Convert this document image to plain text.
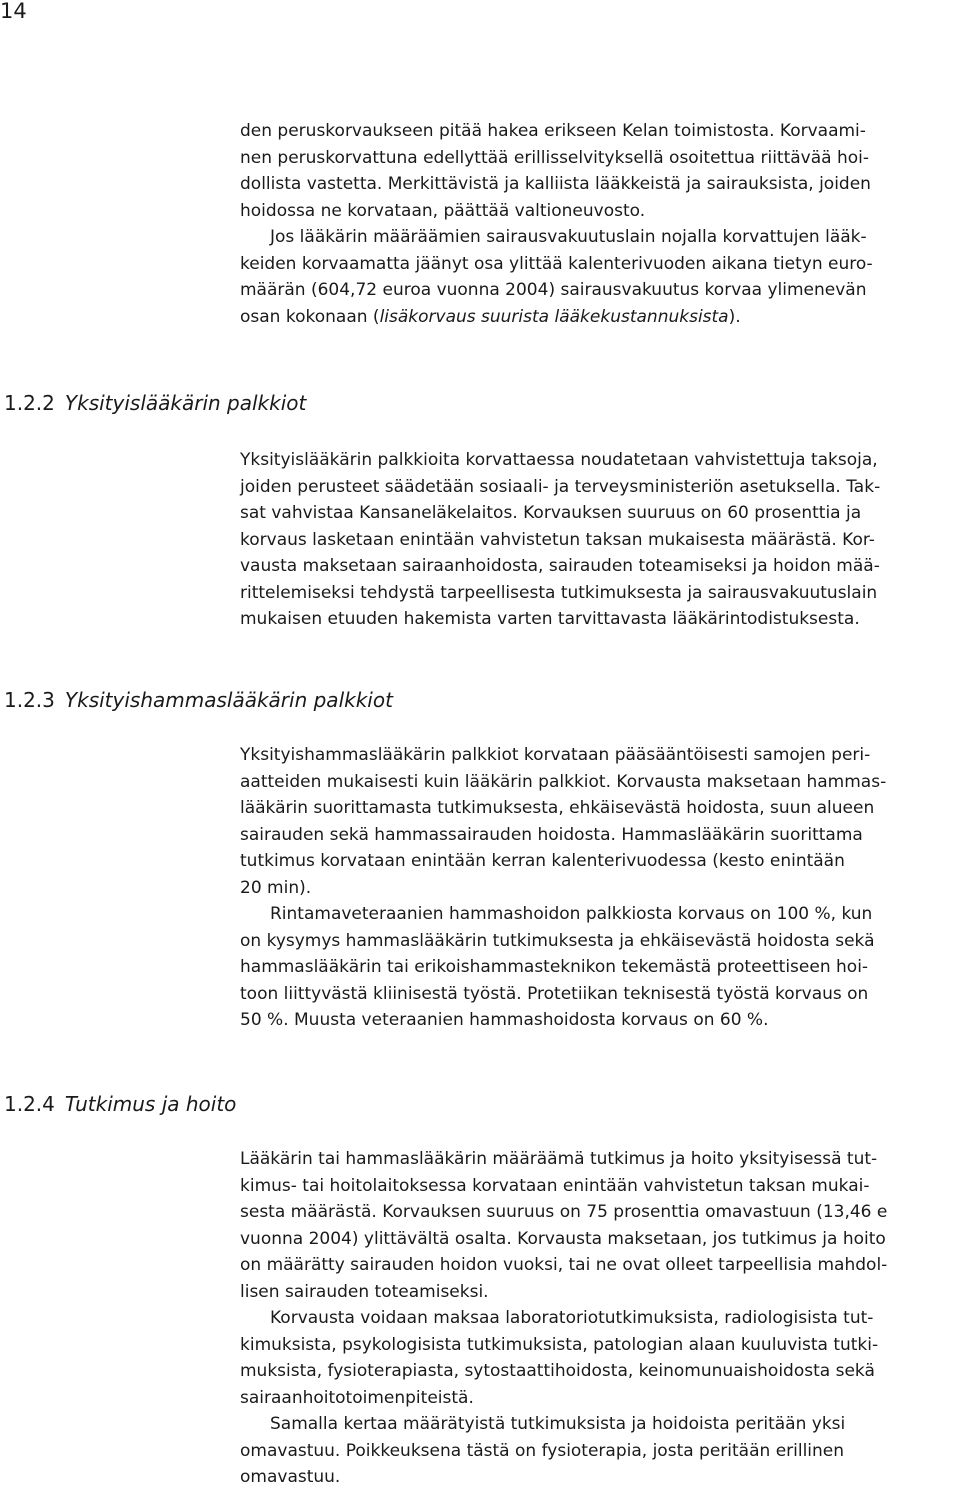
14
den peruskorvaukseen pitää hakea erikseen Kelan toimistosta. Korvaami-
nen peruskorvattuna edellyttää erillisselvityksellä osoitettua riittävää hoi-
dollista vastetta. Merkittävistä ja kalliista lääkkeistä ja sairauksista, joiden
hoidossa ne korvataan, päättää valtioneuvosto.
Jos lääkärin määräämien sairausvakuutuslain nojalla korvattujen lääk-
keiden korvaamatta jäänyt osa ylittää kalenterivuoden aikana tietyn euro-
määrän (604,72 euroa vuonna 2004) sairausvakuutus korvaa ylimenevän
osan kokonaan (lisäkorvaus suurista lääkekustannuksista).
1.2.2 Yksityislääkärin palkkiot
Yksityislääkärin palkkioita korvattaessa noudatetaan vahvistettuja taksoja,
joiden perusteet säädetään sosiaali- ja terveysministeriön asetuksella. Tak-
sat vahvistaa Kansaneläkelaitos. Korvauksen suuruus on 60 prosenttia ja
korvaus lasketaan enintään vahvistetun taksan mukaisesta määrästä. Kor-
vausta maksetaan sairaanhoidosta, sairauden toteamiseksi ja hoidon mää-
rittelemiseksi tehdystä tarpeellisesta tutkimuksesta ja sairausvakuutuslain
mukaisen etuuden hakemista varten tarvittavasta lääkärintodistuksesta.
1.2.3 Yksityishammaslääkärin palkkiot
Yksityishammaslääkärin palkkiot korvataan pääsääntöisesti samojen peri-
aatteiden mukaisesti kuin lääkärin palkkiot. Korvausta maksetaan hammas-
lääkärin suorittamasta tutkimuksesta, ehkäisevästä hoidosta, suun alueen
sairauden sekä hammassairauden hoidosta. Hammaslääkärin suorittama
tutkimus korvataan enintään kerran kalenterivuodessa (kesto enintään
20 min).
Rintamaveteraanien hammashoidon palkkiosta korvaus on 100 %, kun
on kysymys hammaslääkärin tutkimuksesta ja ehkäisevästä hoidosta sekä
hammaslääkärin tai erikoishammasteknikon tekemästä proteettiseen hoi-
toon liittyvästä kliinisestä työstä. Protetiikan teknisestä työstä korvaus on
50 %. Muusta veteraanien hammashoidosta korvaus on 60 %.
1.2.4 Tutkimus ja hoito
Lääkärin tai hammaslääkärin määräämä tutkimus ja hoito yksityisessä tut-
kimus- tai hoitolaitoksessa korvataan enintään vahvistetun taksan mukai-
sesta määrästä. Korvauksen suuruus on 75 prosenttia omavastuun (13,46 e
vuonna 2004) ylittävältä osalta. Korvausta maksetaan, jos tutkimus ja hoito
on määrätty sairauden hoidon vuoksi, tai ne ovat olleet tarpeellisia mahdol-
lisen sairauden toteamiseksi.
Korvausta voidaan maksaa laboratoriotutkimuksista, radiologisista tut-
kimuksista, psykologisista tutkimuksista, patologian alaan kuuluvista tutki-
muksista, fysioterapiasta, sytostaattihoidosta, keinomunuaishoidosta sekä
sairaanhoitotoimenpiteistä.
Samalla kertaa määrätyistä tutkimuksista ja hoidoista peritään yksi
omavastuu. Poikkeuksena tästä on fysioterapia, josta peritään erillinen
omavastuu.
